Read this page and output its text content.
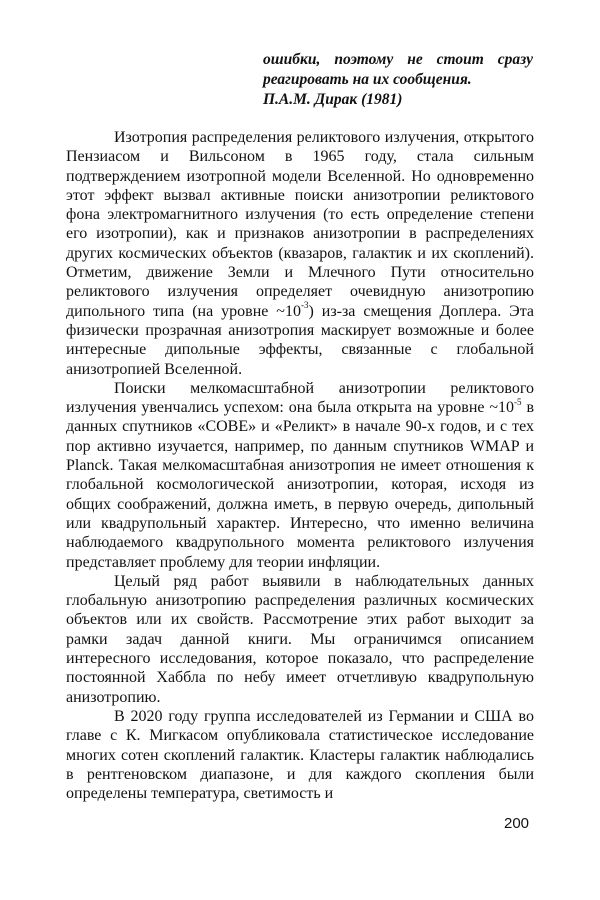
ошибки, поэтому не стоит сразу
реагировать на их сообщения.
П.А.М. Дирак (1981)

Изотропия распределения реликтового излучения, открытого Пензиасом и Вильсоном в 1965 году, стала сильным подтверждением изотропной модели Вселенной. Но одновременно этот эффект вызвал активные поиски анизотропии реликтового фона электромагнитного излучения (то есть определение степени его изотропии), как и признаков анизотропии в распределениях других космических объектов (квазаров, галактик и их скоплений). Отметим, движение Земли и Млечного Пути относительно реликтового излучения определяет очевидную анизотропию дипольного типа (на уровне $\sim 10^{-3}$) из-за смещения Доплера. Эта физически прозрачная анизотропия маскирует возможные и более интересные дипольные эффекты, связанные с глобальной анизотропией Вселенной.

Поиски мелкомасштабной анизотропии реликтового излучения увенчались успехом: она была открыта на уровне $\sim 10^{-5}$ в данных спутников «COBE» и «Реликт» в начале 90-х годов, и с тех пор активно изучается, например, по данным спутников WMAP и Planck. Такая мелкомасштабная анизотропия не имеет отношения к глобальной космологической анизотропии, которая, исходя из общих соображений, должна иметь, в первую очередь, дипольный или квадрупольный характер. Интересно, что именно величина наблюдаемого квадрупольного момента реликтового излучения представляет проблему для теории инфляции.

Целый ряд работ выявили в наблюдательных данных глобальную анизотропию распределения различных космических объектов или их свойств. Рассмотрение этих работ выходит за рамки задач данной книги. Мы ограничимся описанием интересного исследования, которое показало, что распределение постоянной Хаббла по небу имеет отчетливую квадрупольную анизотропию.

В 2020 году группа исследователей из Германии и США во главе с К. Мигкасом опубликовала статистическое исследование многих сотен скоплений галактик. Кластеры галактик наблюдались в рентгеновском диапазоне, и для каждого скопления были определены температура, светимость и

200
